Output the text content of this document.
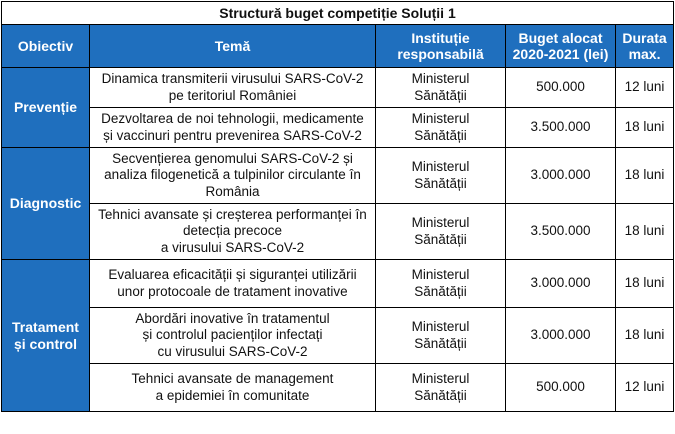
Structură buget competiție Soluții 1				
Obiectiv	Temă	Instituție
responsabilă	Buget alocat
2020-2021 (lei)	Durata
max.

Prevenție	Dinamica transmiterii virusului SARS-CoV-2
pe teritoriul României	Ministerul
Sănătății	500.000	12 luni

	Dezvoltarea de noi tehnologii, medicamente
și vaccinuri pentru prevenirea SARS-CoV-2	Ministerul
Sănătății	3.500.000	18 luni

Diagnostic	Secvențierea genomului SARS-CoV-2 și
analiza filogenetică a tulpinilor circulante în
România	Ministerul
Sănătății	3.000.000	18 luni

	Tehnici avansate și creșterea performanței în
detecția precoce
a virusului SARS-CoV-2	Ministerul
Sănătății	3.500.000	18 luni

Tratament
și control	Evaluarea eficacității și siguranței utilizării
unor protocoale de tratament inovative	Ministerul
Sănătății	3.000.000	18 luni

	Abordări inovative în tratamentul
și controlul pacienților infectați
cu virusului SARS-CoV-2	Ministerul
Sănătății	3.000.000	18 luni

	Tehnici avansate de management
a epidemiei în comunitate	Ministerul
Sănătății	500.000	12 luni
